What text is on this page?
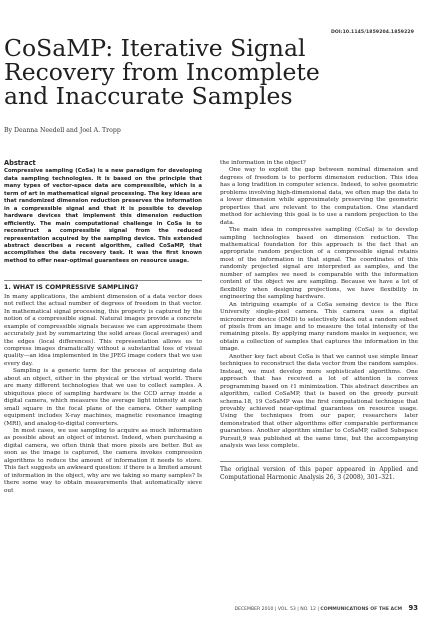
DOI:10.1145/1859204.1859229
CoSaMP: Iterative Signal
Recovery from Incomplete
and Inaccurate Samples
By Deanna Needell and Joel A. Tropp
Abstract

Compressive sampling (CoSa) is a new paradigm for developing data sampling technologies. It is based on the principle that many types of vector-space data are compressible, which is a term of art in mathematical signal processing. The key ideas are that randomized dimension reduction preserves the information in a compressible signal and that it is possible to develop hardware devices that implement this dimension reduction efficiently. The main computational challenge in CoSa is to reconstruct a compressible signal from the reduced representation acquired by the sampling device. This extended abstract describes a recent algorithm, called CoSaMP, that accomplishes the data recovery task. It was the first known method to offer near-optimal guarantees on resource usage.

1. WHAT IS COMPRESSIVE SAMPLING?

In many applications, the ambient dimension of a data vector does not reflect the actual number of degrees of freedom in that vector. In mathematical signal processing, this property is captured by the notion of a compressible signal. Natural images provide a concrete example of compressible signals because we can approximate them accurately just by summarizing the solid areas (local averages) and the edges (local differences). This representation allows us to compress images dramatically without a substantial loss of visual quality—an idea implemented in the JPEG image coders that we use every day.

Sampling is a generic term for the process of acquiring data about an object, either in the physical or the virtual world. There are many different technologies that we use to collect samples. A ubiquitous piece of sampling hardware is the CCD array inside a digital camera, which measures the average light intensity at each small square in the focal plane of the camera. Other sampling equipment includes X-ray machines, magnetic resonance imaging (MRI), and analog-to-digital converters.

In most cases, we use sampling to acquire as much information as possible about an object of interest. Indeed, when purchasing a digital camera, we often think that more pixels are better. But as soon as the image is captured, the camera invokes compression algorithms to reduce the amount of information it needs to store. This fact suggests an awkward question: if there is a limited amount of information in the object, why are we taking so many samples? Is there some way to obtain measurements that automatically sieve out

the information in the object?

One way to exploit the gap between nominal dimension and degrees of freedom is to perform dimension reduction. This idea has a long tradition in computer science. Indeed, to solve geometric problems involving high-dimensional data, we often map the data to a lower dimension while approximately preserving the geometric properties that are relevant to the computation. One standard method for achieving this goal is to use a random projection to the data.

The main idea in compressive sampling (CoSa) is to develop sampling technologies based on dimension reduction. The mathematical foundation for this approach is the fact that an appropriate random projection of a compressible signal retains most of the information in that signal. The coordinates of this randomly projected signal are interpreted as samples, and the number of samples we need is comparable with the information content of the object we are sampling. Because we have a lot of flexibility when designing projections, we have flexibility in engineering the sampling hardware.

An intriguing example of a CoSa sensing device is the Rice University single-pixel camera. This camera uses a digital micromirror device (DMD) to selectively black out a random subset of pixels from an image and to measure the total intensity of the remaining pixels. By applying many random masks in sequence, we obtain a collection of samples that captures the information in the image.

Another key fact about CoSa is that we cannot use simple linear techniques to reconstruct the data vector from the random samples. Instead, we must develop more sophisticated algorithms. One approach that has received a lot of attention is convex programming based on ℓ1 minimization. This abstract describes an algorithm, called CoSaMP, that is based on the greedy pursuit schema.18, 19 CoSaMP was the first computational technique that provably achieved near-optimal guarantees on resource usage. Using the techniques from our paper, researchers later demonstrated that other algorithms offer comparable performance guarantees. Another algorithm similar to CoSaMP, called Subspace Pursuit,9 was published at the same time, but the accompanying analysis was less complete.

The original version of this paper appeared in Applied and Computational Harmonic Analysis 26, 3 (2008), 301–321.
DECEMBER 2010 | VOL. 53 | NO. 12 | COMMUNICATIONS OF THE ACM 93
